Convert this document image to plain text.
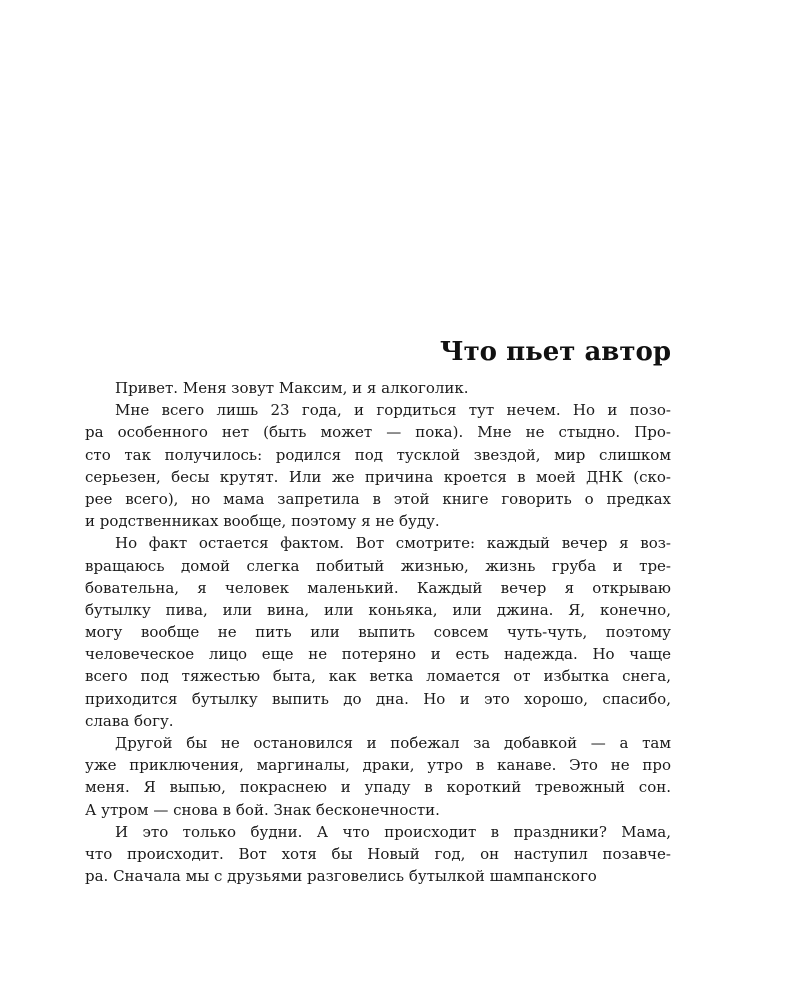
Что пьет автор
Привет. Меня зовут Максим, и я алкоголик.
Мне всего лишь 23 года, и гордиться тут нечем. Но и позо-
ра особенного нет (быть может — пока). Мне не стыдно. Про-
сто так получилось: родился под тусклой звездой, мир слишком
серьезен, бесы крутят. Или же причина кроется в моей ДНК (ско-
рее всего), но мама запретила в этой книге говорить о предках
и родственниках вообще, поэтому я не буду.
Но факт остается фактом. Вот смотрите: каждый вечер я воз-
вращаюсь домой слегка побитый жизнью, жизнь груба и тре-
бовательна, я человек маленький. Каждый вечер я открываю
бутылку пива, или вина, или коньяка, или джина. Я, конечно,
могу вообще не пить или выпить совсем чуть-чуть, поэтому
человеческое лицо еще не потеряно и есть надежда. Но чаще
всего под тяжестью быта, как ветка ломается от избытка снега,
приходится бутылку выпить до дна. Но и это хорошо, спасибо,
слава богу.
Другой бы не остановился и побежал за добавкой — а там
уже приключения, маргиналы, драки, утро в канаве. Это не про
меня. Я выпью, покраснею и упаду в короткий тревожный сон.
А утром — снова в бой. Знак бесконечности.
И это только будни. А что происходит в праздники? Мама,
что происходит. Вот хотя бы Новый год, он наступил позавче-
ра. Сначала мы с друзьями разговелись бутылкой шампанского
